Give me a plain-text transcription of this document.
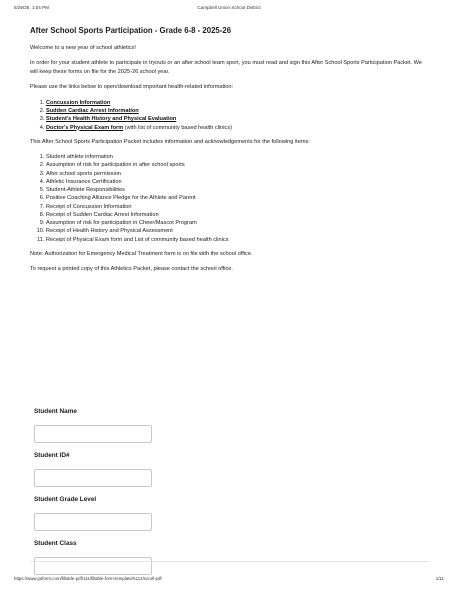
5/29/25, 1:04 PM	Campbell Union School District
After School Sports Participation - Grade 6-8 - 2025-26

Welcome to a new year of school athletics!

In order for your student athlete to participate in tryouts or an after school team sport, you must read and sign this After School Sports Participation Packet. We will keep these forms on file for the 2025-26 school year.

Please use the links below to open/download important health-related information:

1. Concussion Information
2. Sudden Cardiac Arrest Information
3. Student's Health History and Physical Evaluation
4. Doctor's Physical Exam form (with list of community based health clinics)

This After School Sports Participation Packet includes information and acknowledgements for the following items:

1. Student athlete information
2. Assumption of risk for participation in after school sports
3. After school sports permission
4. Athletic Insurance Certification
5. Student-Athlete Responsibilities
6. Positive Coaching Alliance Pledge for the Athlete and Parent
7. Receipt of Concussion Information
8. Receipt of Sudden Cardiac Arrest Information
9. Assumption of risk for participation in Cheer/Mascot Program
10. Receipt of Health History and Physical Assessment
11. Receipt of Physical Exam form and List of community based health clinics

Note: Authorization for Emergency Medical Treatment form is on file with the school office.

To request a printed copy of this Athletics Packet, please contact the school office.

Student Name
Student ID#
Student Grade Level
Student Class
https://www.jotform.com/fillable-pdf/111/fillable-form-template/5113/scroll-pdf	1/11
